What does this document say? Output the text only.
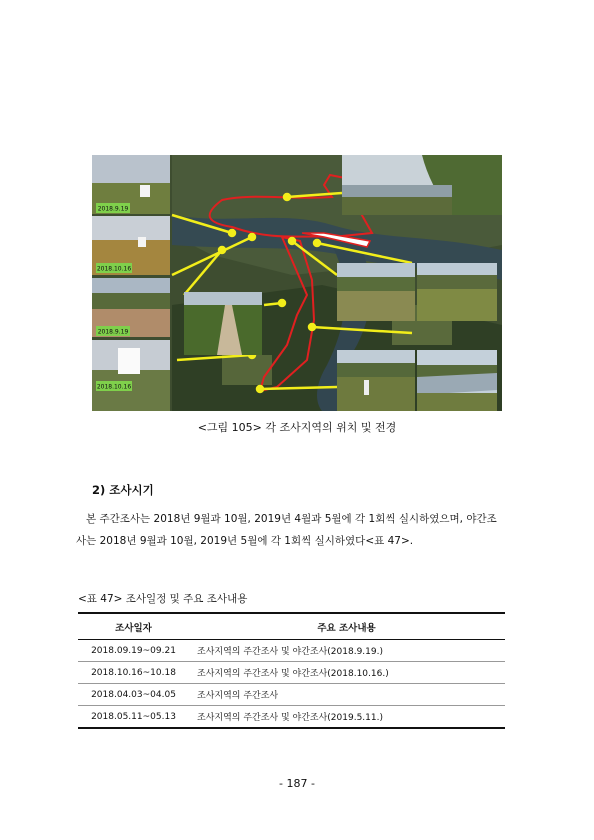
2018.9.19
2018.10.16
2018.9.19
2018.10.16
<그림 105> 각 조사지역의 위치 및 전경
2) 조사시기
본 주간조사는 2018년 9월과 10월, 2019년 4월과 5월에 각 1회씩 실시하였으며, 야간조
사는 2018년 9월과 10월, 2019년 5월에 각 1회씩 실시하였다<표 47>.
<표 47> 조사일정 및 주요 조사내용
조사일자	주요 조사내용
2018.09.19~09.21	조사지역의 주간조사 및 야간조사(2018.9.19.)
2018.10.16~10.18	조사지역의 주간조사 및 야간조사(2018.10.16.)
2018.04.03~04.05	조사지역의 주간조사
2018.05.11~05.13	조사지역의 주간조사 및 야간조사(2019.5.11.)
- 187 -
